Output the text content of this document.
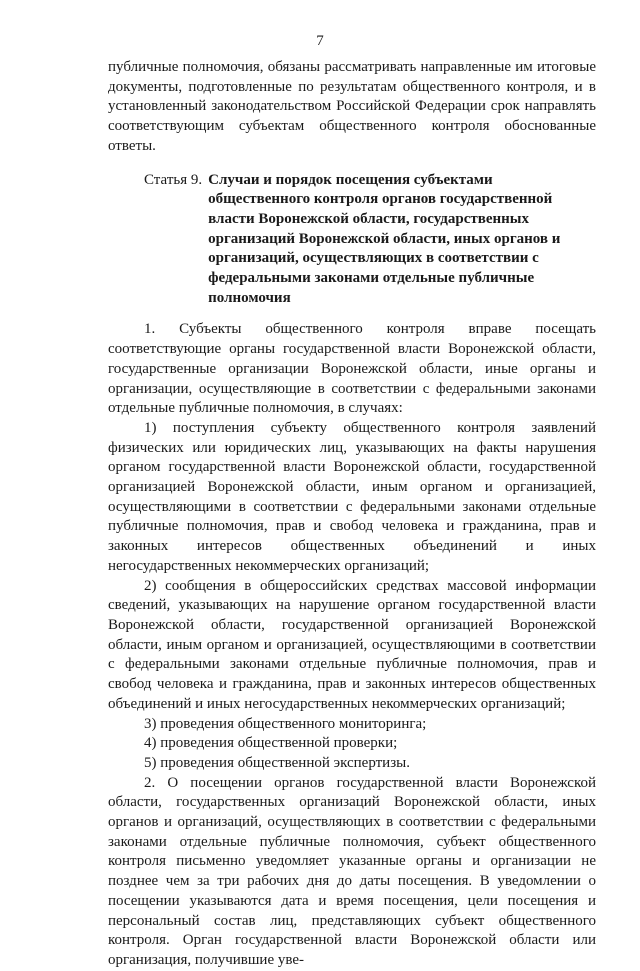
7

публичные полномочия, обязаны рассматривать направленные им итоговые документы, подготовленные по результатам общественного контроля, и в установленный законодательством Российской Федерации срок направлять соответствующим субъектам общественного контроля обоснованные ответы.

Статья 9. Случаи и порядок посещения субъектами общественного контроля органов государственной власти Воронежской области, государственных организаций Воронежской области, иных органов и организаций, осуществляющих в соответствии с федеральными законами отдельные публичные полномочия

1. Субъекты общественного контроля вправе посещать соответствующие органы государственной власти Воронежской области, государственные организации Воронежской области, иные органы и организации, осуществляющие в соответствии с федеральными законами отдельные публичные полномочия, в случаях:

1) поступления субъекту общественного контроля заявлений физических или юридических лиц, указывающих на факты нарушения органом государственной власти Воронежской области, государственной организацией Воронежской области, иным органом и организацией, осуществляющими в соответствии с федеральными законами отдельные публичные полномочия, прав и свобод человека и гражданина, прав и законных интересов общественных объединений и иных негосударственных некоммерческих организаций;

2) сообщения в общероссийских средствах массовой информации сведений, указывающих на нарушение органом государственной власти Воронежской области, государственной организацией Воронежской области, иным органом и организацией, осуществляющими в соответствии с федеральными законами отдельные публичные полномочия, прав и свобод человека и гражданина, прав и законных интересов общественных объединений и иных негосударственных некоммерческих организаций;

3) проведения общественного мониторинга;

4) проведения общественной проверки;

5) проведения общественной экспертизы.

2. О посещении органов государственной власти Воронежской области, государственных организаций Воронежской области, иных органов и организаций, осуществляющих в соответствии с федеральными законами отдельные публичные полномочия, субъект общественного контроля письменно уведомляет указанные органы и организации не позднее чем за три рабочих дня до даты посещения. В уведомлении о посещении указываются дата и время посещения, цели посещения и персональный состав лиц, представляющих субъект общественного контроля. Орган государственной власти Воронежской области или организация, получившие уве-
